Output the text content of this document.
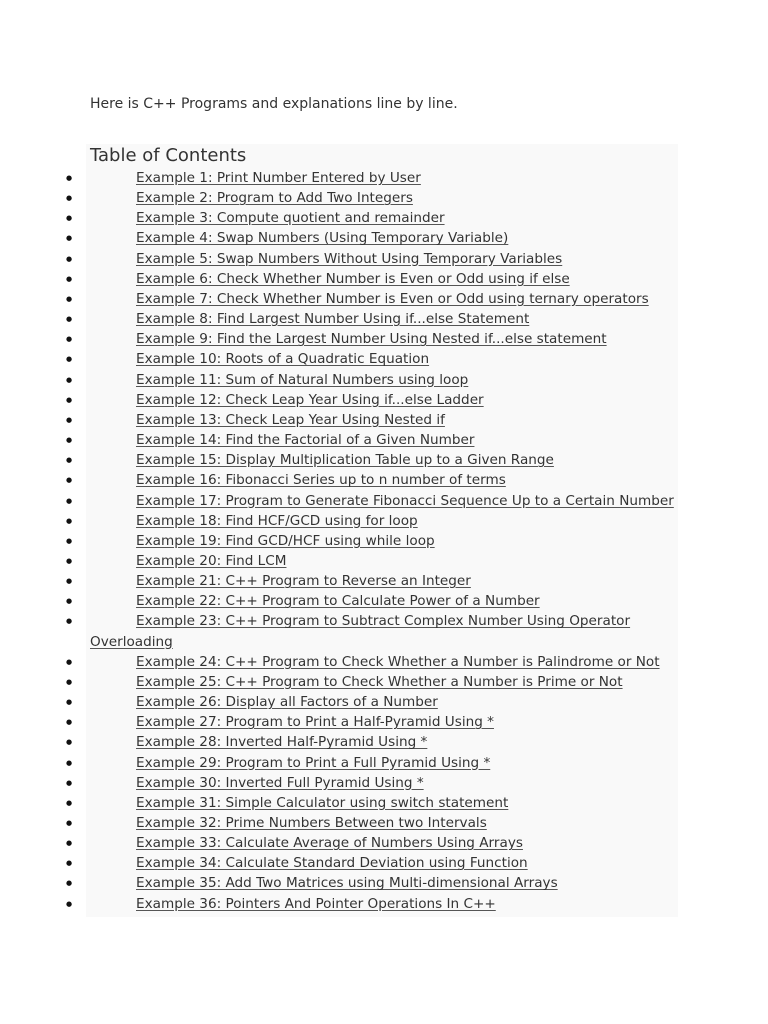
Here is C++ Programs and explanations line by line.

Table of Contents
●	Example 1: Print Number Entered by User
●	Example 2: Program to Add Two Integers
●	Example 3: Compute quotient and remainder
●	Example 4: Swap Numbers (Using Temporary Variable)
●	Example 5: Swap Numbers Without Using Temporary Variables
●	Example 6: Check Whether Number is Even or Odd using if else
●	Example 7: Check Whether Number is Even or Odd using ternary operators
●	Example 8: Find Largest Number Using if...else Statement
●	Example 9: Find the Largest Number Using Nested if...else statement
●	Example 10: Roots of a Quadratic Equation
●	Example 11: Sum of Natural Numbers using loop
●	Example 12: Check Leap Year Using if...else Ladder
●	Example 13: Check Leap Year Using Nested if
●	Example 14: Find the Factorial of a Given Number
●	Example 15: Display Multiplication Table up to a Given Range
●	Example 16: Fibonacci Series up to n number of terms
●	Example 17: Program to Generate Fibonacci Sequence Up to a Certain Number
●	Example 18: Find HCF/GCD using for loop
●	Example 19: Find GCD/HCF using while loop
●	Example 20: Find LCM
●	Example 21: C++ Program to Reverse an Integer
●	Example 22: C++ Program to Calculate Power of a Number
●	Example 23: C++ Program to Subtract Complex Number Using Operator
Overloading
●	Example 24: C++ Program to Check Whether a Number is Palindrome or Not
●	Example 25: C++ Program to Check Whether a Number is Prime or Not
●	Example 26: Display all Factors of a Number
●	Example 27: Program to Print a Half-Pyramid Using *
●	Example 28: Inverted Half-Pyramid Using *
●	Example 29: Program to Print a Full Pyramid Using *
●	Example 30: Inverted Full Pyramid Using *
●	Example 31: Simple Calculator using switch statement
●	Example 32: Prime Numbers Between two Intervals
●	Example 33: Calculate Average of Numbers Using Arrays
●	Example 34: Calculate Standard Deviation using Function
●	Example 35: Add Two Matrices using Multi-dimensional Arrays
●	Example 36: Pointers And Pointer Operations In C++
